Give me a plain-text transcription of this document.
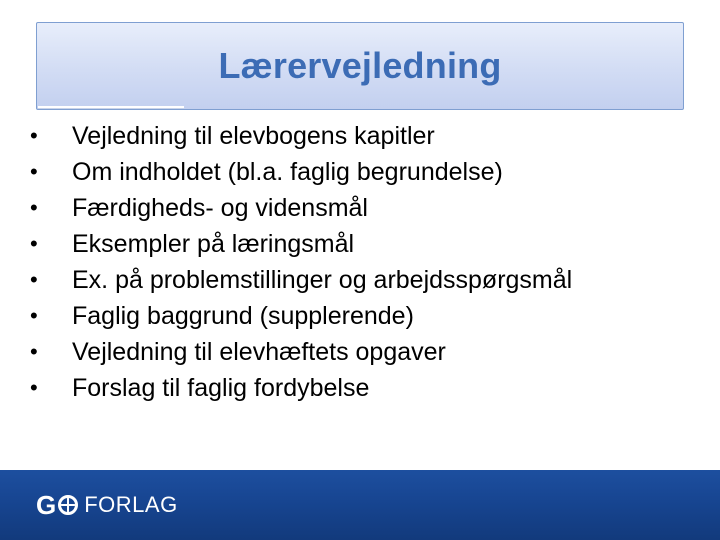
Lærervejledning
•	Vejledning til elevbogens kapitler
•	Om indholdet (bl.a. faglig begrundelse)
•	Færdigheds- og vidensmål
•	Eksempler på læringsmål
•	Ex. på problemstillinger og arbejdsspørgsmål
•	Faglig baggrund (supplerende)
•	Vejledning til elevhæftets opgaver
•	Forslag til faglig fordybelse
G FORLAG
